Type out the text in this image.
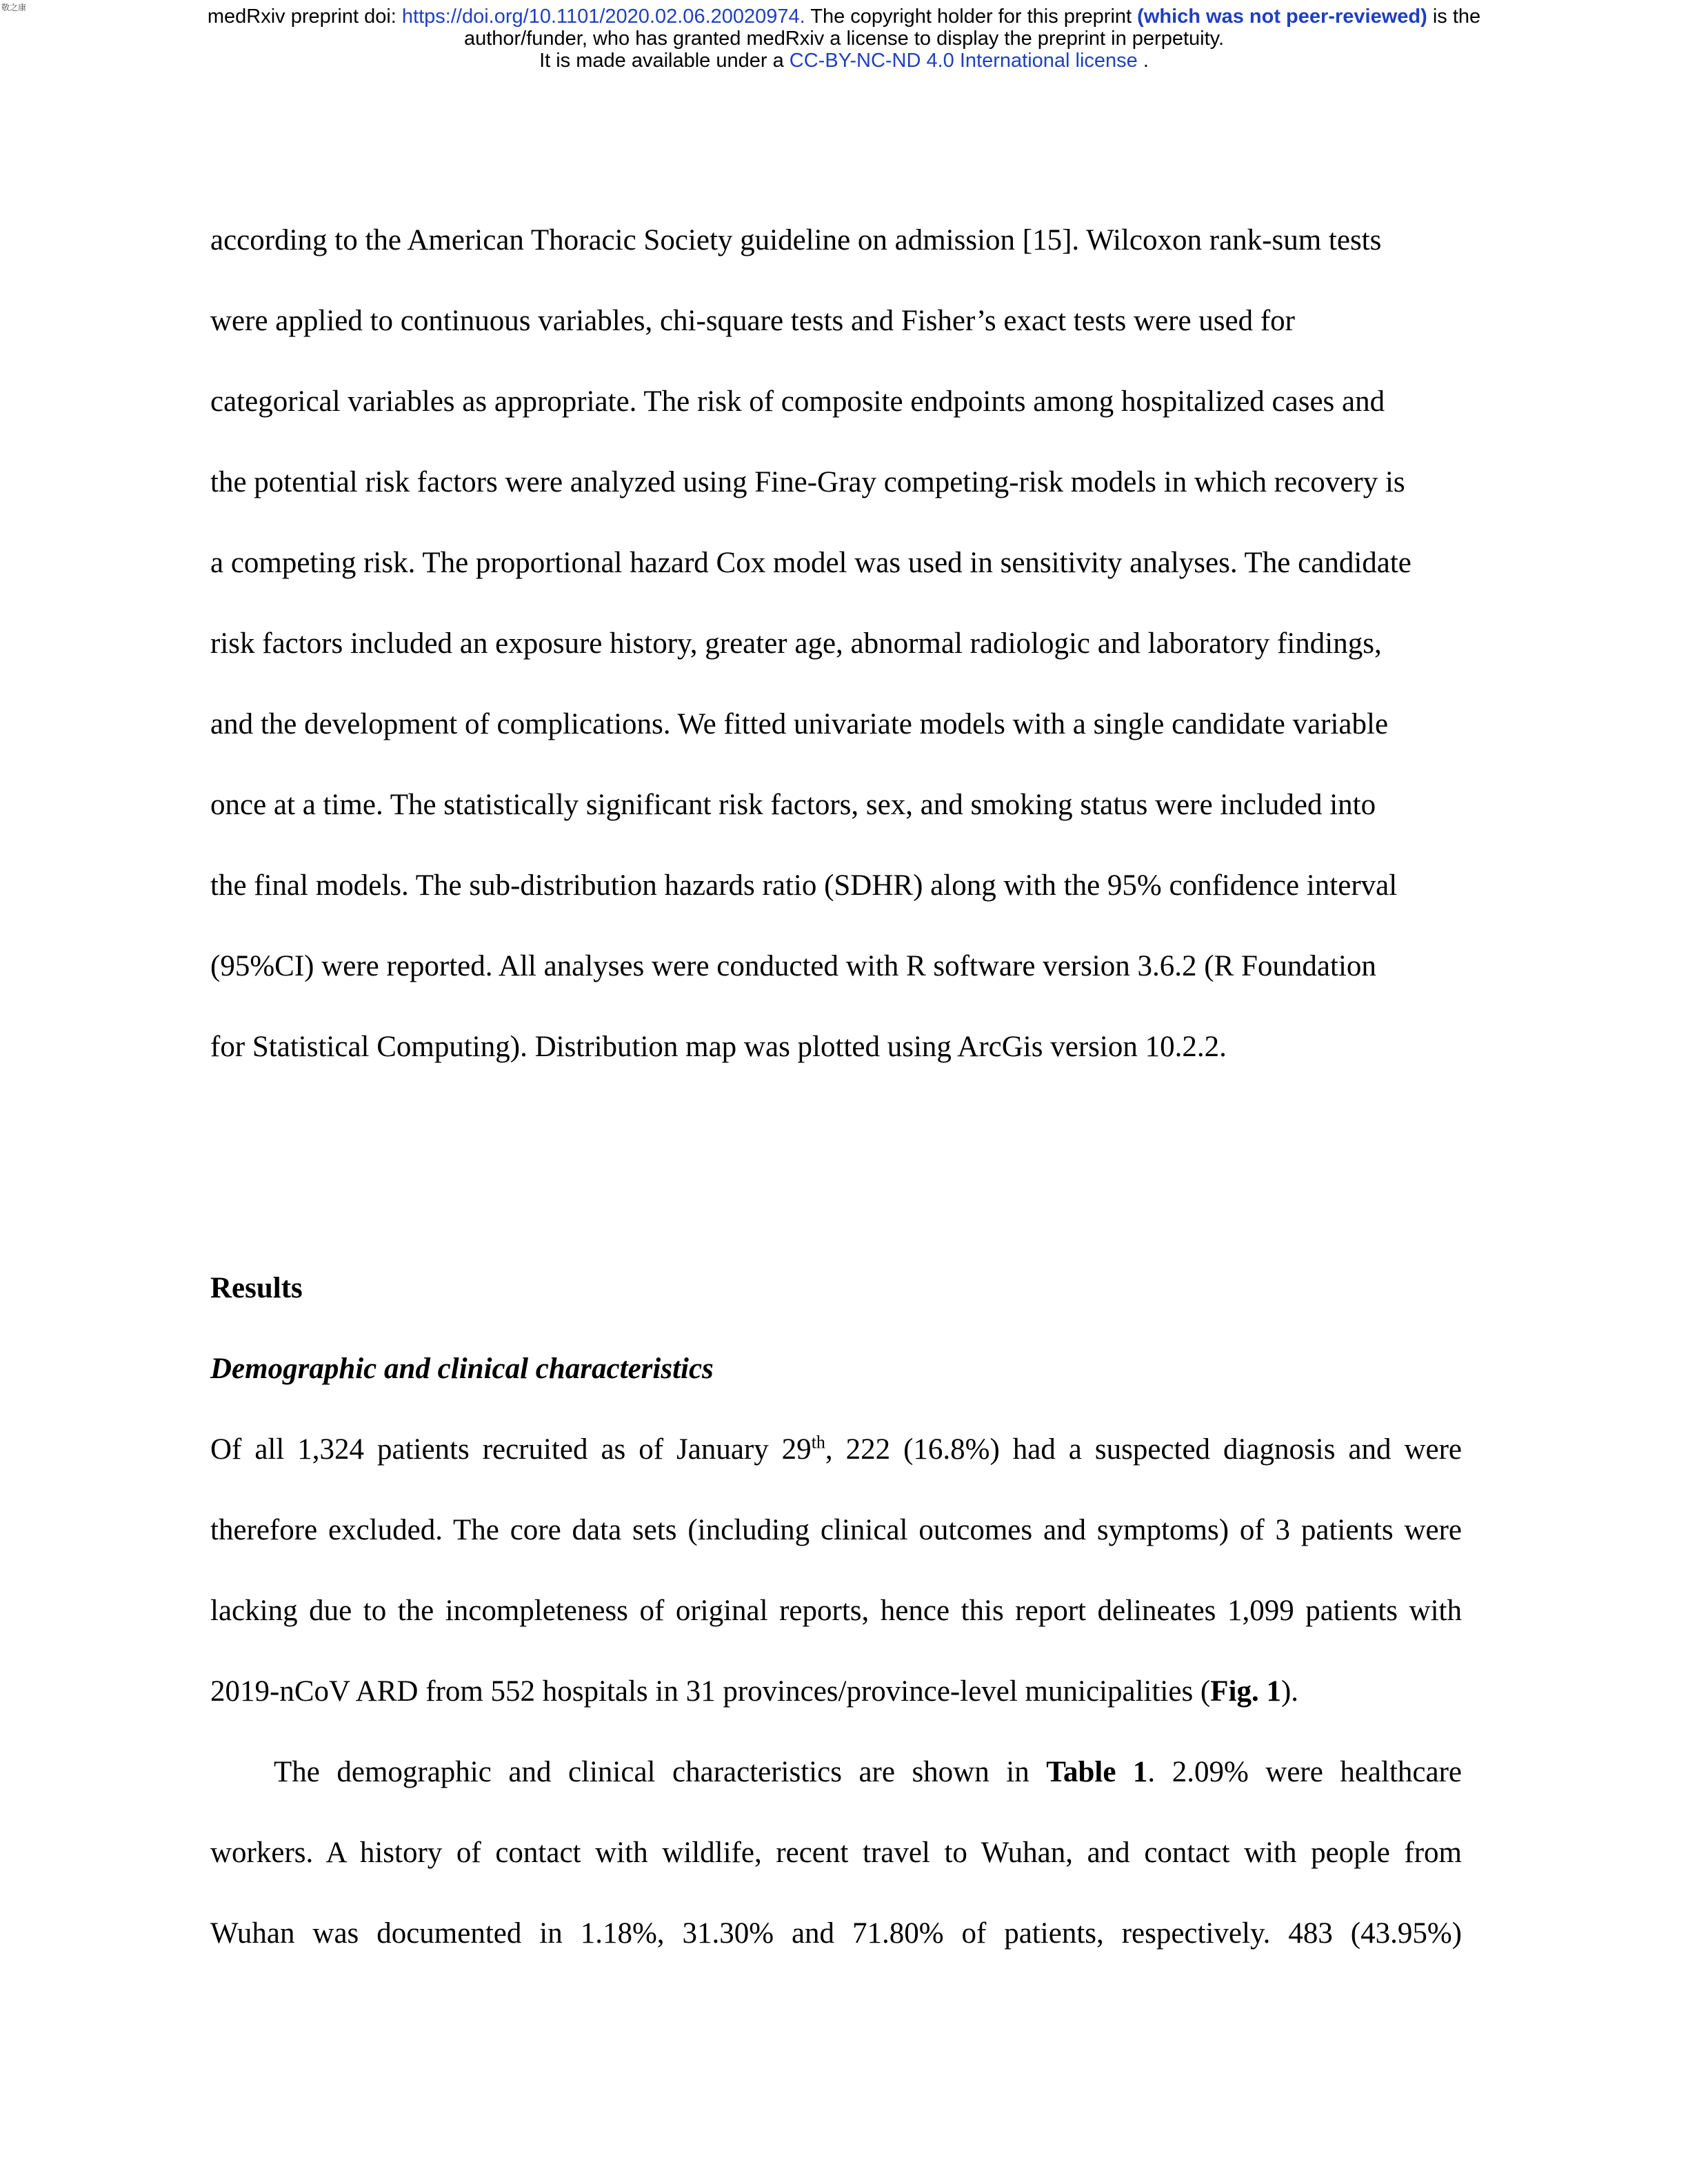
敬之康	medRxiv preprint doi: https://doi.org/10.1101/2020.02.06.20020974. The copyright holder for this preprint (which was not peer-reviewed) is the
author/funder, who has granted medRxiv a license to display the preprint in perpetuity.
It is made available under a CC-BY-NC-ND 4.0 International license .
according to the American Thoracic Society guideline on admission [15]. Wilcoxon rank-sum tests
were applied to continuous variables, chi-square tests and Fisher’s exact tests were used for
categorical variables as appropriate. The risk of composite endpoints among hospitalized cases and
the potential risk factors were analyzed using Fine-Gray competing-risk models in which recovery is
a competing risk. The proportional hazard Cox model was used in sensitivity analyses. The candidate
risk factors included an exposure history, greater age, abnormal radiologic and laboratory findings,
and the development of complications. We fitted univariate models with a single candidate variable
once at a time. The statistically significant risk factors, sex, and smoking status were included into
the final models. The sub-distribution hazards ratio (SDHR) along with the 95% confidence interval
(95%CI) were reported. All analyses were conducted with R software version 3.6.2 (R Foundation
for Statistical Computing). Distribution map was plotted using ArcGis version 10.2.2.
Results
Demographic and clinical characteristics
Of all 1,324 patients recruited as of January 29th, 222 (16.8%) had a suspected diagnosis and were
therefore excluded. The core data sets (including clinical outcomes and symptoms) of 3 patients were
lacking due to the incompleteness of original reports, hence this report delineates 1,099 patients with
2019-nCoV ARD from 552 hospitals in 31 provinces/province-level municipalities (Fig. 1).
The demographic and clinical characteristics are shown in Table 1. 2.09% were healthcare
workers. A history of contact with wildlife, recent travel to Wuhan, and contact with people from
Wuhan was documented in 1.18%, 31.30% and 71.80% of patients, respectively. 483 (43.95%)
